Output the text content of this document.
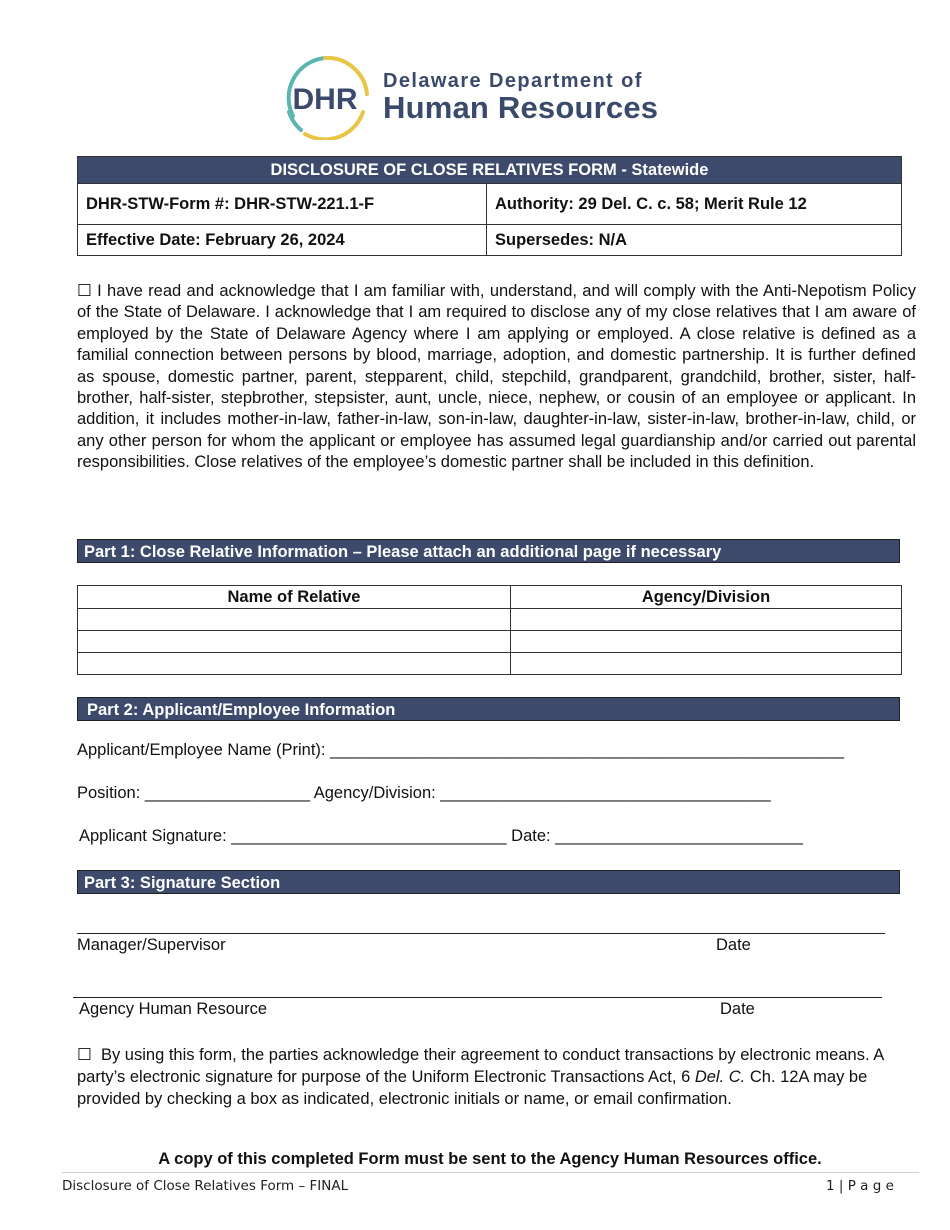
DHR
Delaware Department of
Human Resources
DISCLOSURE OF CLOSE RELATIVES FORM - Statewide	
DHR-STW-Form #: DHR-STW-221.1-F	Authority: 29 Del. C. c. 58; Merit Rule 12
Effective Date: February 26, 2024	Supersedes: N/A
☐ I have read and acknowledge that I am familiar with, understand, and will comply with the Anti-Nepotism Policy of the State of Delaware. I acknowledge that I am required to disclose any of my close relatives that I am aware of employed by the State of Delaware Agency where I am applying or employed. A close relative is defined as a familial connection between persons by blood, marriage, adoption, and domestic partnership. It is further defined as spouse, domestic partner, parent, stepparent, child, stepchild, grandparent, grandchild, brother, sister, half-brother, half-sister, stepbrother, stepsister, aunt, uncle, niece, nephew, or cousin of an employee or applicant. In addition, it includes mother-in-law, father-in-law, son-in-law, daughter-in-law, sister-in-law, brother-in-law, child, or any other person for whom the applicant or employee has assumed legal guardianship and/or carried out parental responsibilities. Close relatives of the employee’s domestic partner shall be included in this definition.
Part 1: Close Relative Information – Please attach an additional page if necessary
Name of Relative	Agency/Division

Part 2: Applicant/Employee Information
Applicant/Employee Name (Print): ________________________________________________________
Position: __________________ Agency/Division: ____________________________________
Applicant Signature: ______________________________ Date: ___________________________
Part 3: Signature Section
Manager/Supervisor	Date
Agency Human Resource	Date
☐ By using this form, the parties acknowledge their agreement to conduct transactions by electronic means. A party’s electronic signature for purpose of the Uniform Electronic Transactions Act, 6 Del. C. Ch. 12A may be provided by checking a box as indicated, electronic initials or name, or email confirmation.
A copy of this completed Form must be sent to the Agency Human Resources office.
Disclosure of Close Relatives Form – FINAL	1 | P a g e
